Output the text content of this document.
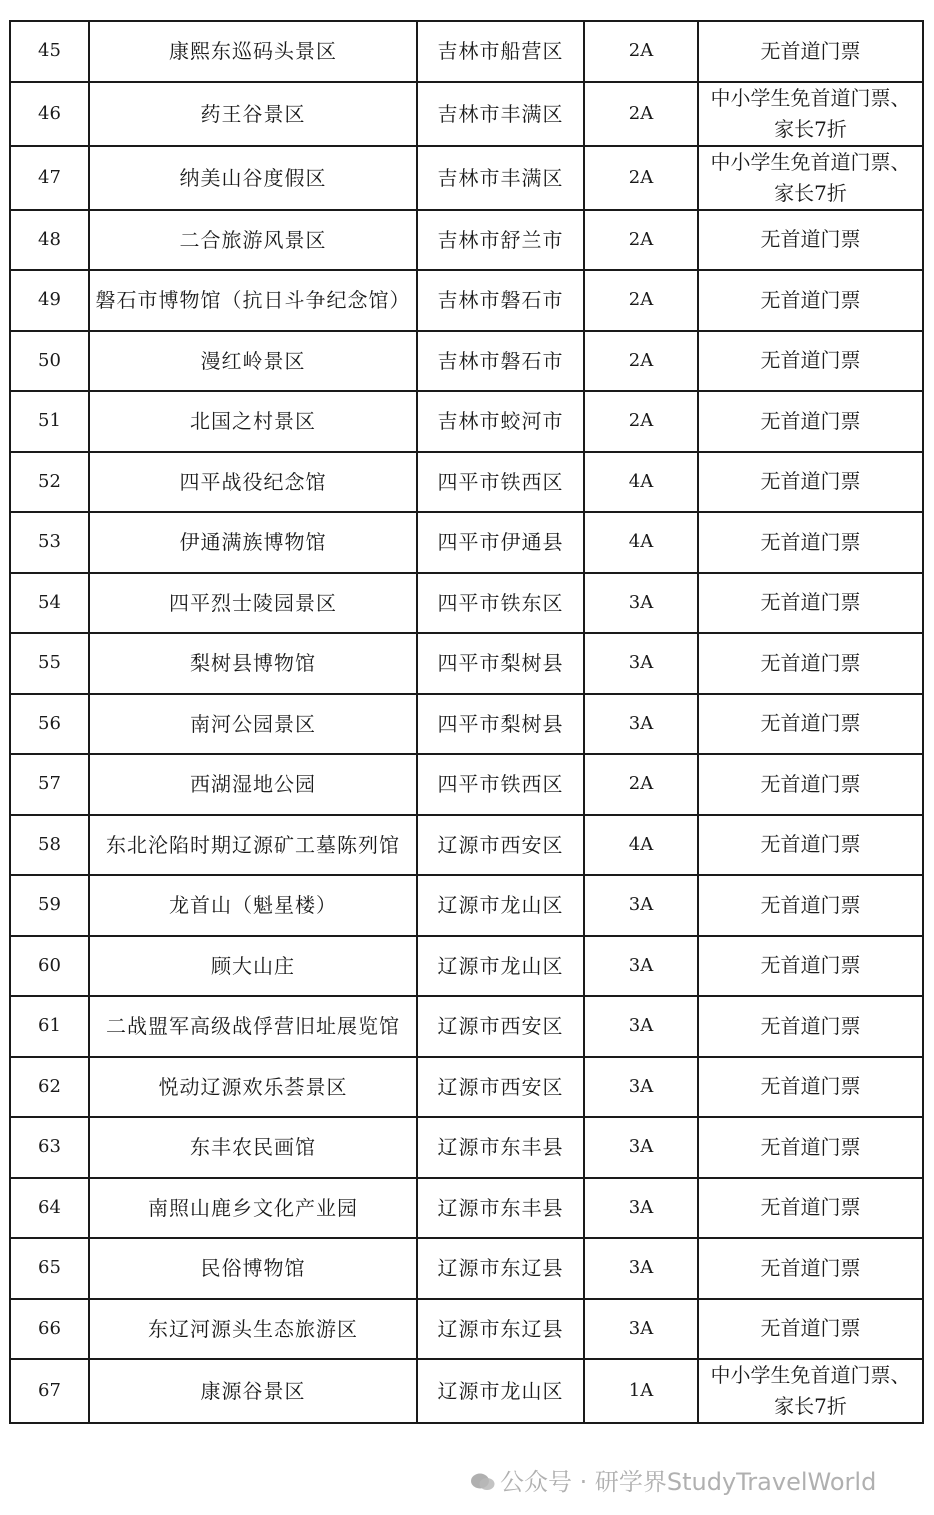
45	康熙东巡码头景区	吉林市船营区	2A	无首道门票
46	药王谷景区	吉林市丰满区	2A	中小学生免首道门票、家长7折
47	纳美山谷度假区	吉林市丰满区	2A	中小学生免首道门票、家长7折
48	二合旅游风景区	吉林市舒兰市	2A	无首道门票
49	磐石市博物馆（抗日斗争纪念馆）	吉林市磐石市	2A	无首道门票
50	漫红岭景区	吉林市磐石市	2A	无首道门票
51	北国之村景区	吉林市蛟河市	2A	无首道门票
52	四平战役纪念馆	四平市铁西区	4A	无首道门票
53	伊通满族博物馆	四平市伊通县	4A	无首道门票
54	四平烈士陵园景区	四平市铁东区	3A	无首道门票
55	梨树县博物馆	四平市梨树县	3A	无首道门票
56	南河公园景区	四平市梨树县	3A	无首道门票
57	西湖湿地公园	四平市铁西区	2A	无首道门票
58	东北沦陷时期辽源矿工墓陈列馆	辽源市西安区	4A	无首道门票
59	龙首山（魁星楼）	辽源市龙山区	3A	无首道门票
60	顾大山庄	辽源市龙山区	3A	无首道门票
61	二战盟军高级战俘营旧址展览馆	辽源市西安区	3A	无首道门票
62	悦动辽源欢乐荟景区	辽源市西安区	3A	无首道门票
63	东丰农民画馆	辽源市东丰县	3A	无首道门票
64	南照山鹿乡文化产业园	辽源市东丰县	3A	无首道门票
65	民俗博物馆	辽源市东辽县	3A	无首道门票
66	东辽河源头生态旅游区	辽源市东辽县	3A	无首道门票
67	康源谷景区	辽源市龙山区	1A	中小学生免首道门票、家长7折
公众号 · 研学界StudyTravelWorld
